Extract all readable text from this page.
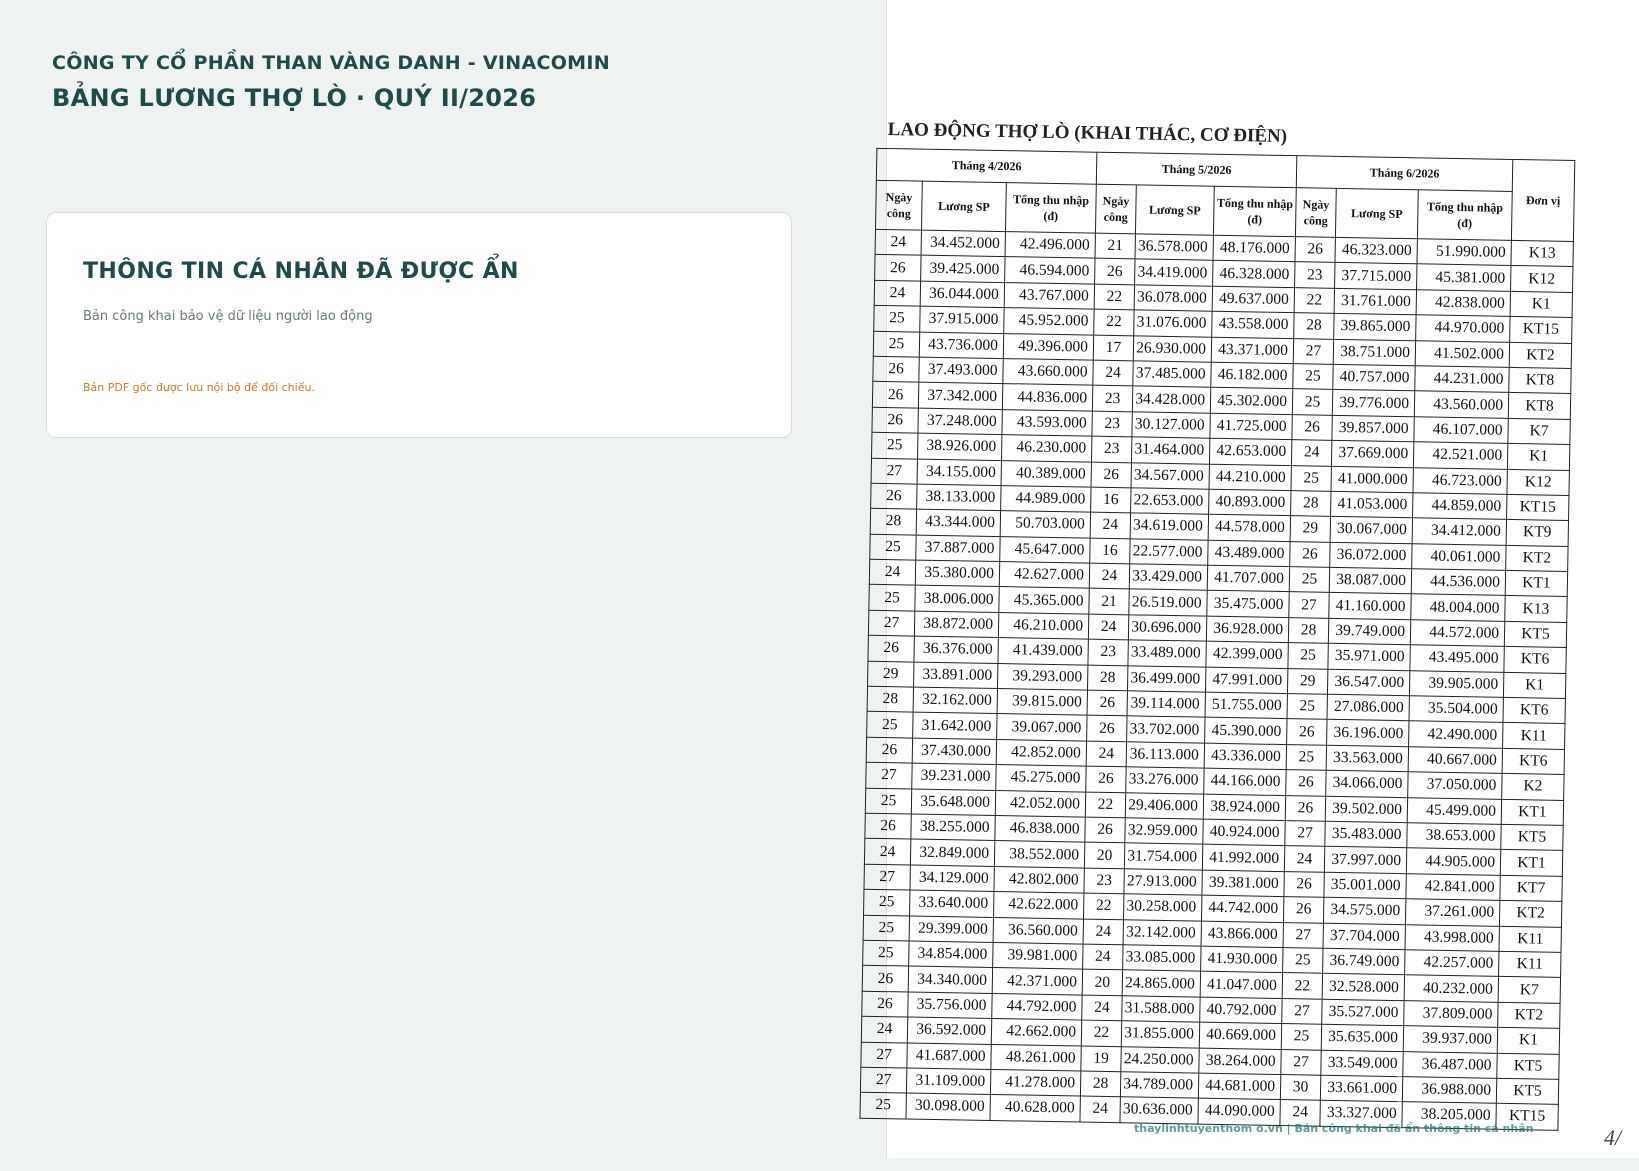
CÔNG TY CỔ PHẦN THAN VÀNG DANH - VINACOMIN
BẢNG LƯƠNG THỢ LÒ · QUÝ II/2026
THÔNG TIN CÁ NHÂN ĐÃ ĐƯỢC ẨN
Bản công khai bảo vệ dữ liệu người lao động
Bản PDF gốc được lưu nội bộ để đối chiếu.
LAO ĐỘNG THỢ LÒ (KHAI THÁC, CƠ ĐIỆN)
Tháng 4/2026			Tháng 5/2026			Tháng 6/2026			Đơn vị
Ngày công	Lương SP	Tổng thu nhập (đ)	Ngày công	Lương SP	Tổng thu nhập (đ)	Ngày công	Lương SP	Tổng thu nhập (đ)	
24	34.452.000	42.496.000	21	36.578.000	48.176.000	26	46.323.000	51.990.000	K13
26	39.425.000	46.594.000	26	34.419.000	46.328.000	23	37.715.000	45.381.000	K12
24	36.044.000	43.767.000	22	36.078.000	49.637.000	22	31.761.000	42.838.000	K1
25	37.915.000	45.952.000	22	31.076.000	43.558.000	28	39.865.000	44.970.000	KT15
25	43.736.000	49.396.000	17	26.930.000	43.371.000	27	38.751.000	41.502.000	KT2
26	37.493.000	43.660.000	24	37.485.000	46.182.000	25	40.757.000	44.231.000	KT8
26	37.342.000	44.836.000	23	34.428.000	45.302.000	25	39.776.000	43.560.000	KT8
26	37.248.000	43.593.000	23	30.127.000	41.725.000	26	39.857.000	46.107.000	K7
25	38.926.000	46.230.000	23	31.464.000	42.653.000	24	37.669.000	42.521.000	K1
27	34.155.000	40.389.000	26	34.567.000	44.210.000	25	41.000.000	46.723.000	K12
26	38.133.000	44.989.000	16	22.653.000	40.893.000	28	41.053.000	44.859.000	KT15
28	43.344.000	50.703.000	24	34.619.000	44.578.000	29	30.067.000	34.412.000	KT9
25	37.887.000	45.647.000	16	22.577.000	43.489.000	26	36.072.000	40.061.000	KT2
24	35.380.000	42.627.000	24	33.429.000	41.707.000	25	38.087.000	44.536.000	KT1
25	38.006.000	45.365.000	21	26.519.000	35.475.000	27	41.160.000	48.004.000	K13
27	38.872.000	46.210.000	24	30.696.000	36.928.000	28	39.749.000	44.572.000	KT5
26	36.376.000	41.439.000	23	33.489.000	42.399.000	25	35.971.000	43.495.000	KT6
29	33.891.000	39.293.000	28	36.499.000	47.991.000	29	36.547.000	39.905.000	K1
28	32.162.000	39.815.000	26	39.114.000	51.755.000	25	27.086.000	35.504.000	KT6
25	31.642.000	39.067.000	26	33.702.000	45.390.000	26	36.196.000	42.490.000	K11
26	37.430.000	42.852.000	24	36.113.000	43.336.000	25	33.563.000	40.667.000	KT6
27	39.231.000	45.275.000	26	33.276.000	44.166.000	26	34.066.000	37.050.000	K2
25	35.648.000	42.052.000	22	29.406.000	38.924.000	26	39.502.000	45.499.000	KT1
26	38.255.000	46.838.000	26	32.959.000	40.924.000	27	35.483.000	38.653.000	KT5
24	32.849.000	38.552.000	20	31.754.000	41.992.000	24	37.997.000	44.905.000	KT1
27	34.129.000	42.802.000	23	27.913.000	39.381.000	26	35.001.000	42.841.000	KT7
25	33.640.000	42.622.000	22	30.258.000	44.742.000	26	34.575.000	37.261.000	KT2
25	29.399.000	36.560.000	24	32.142.000	43.866.000	27	37.704.000	43.998.000	K11
25	34.854.000	39.981.000	24	33.085.000	41.930.000	25	36.749.000	42.257.000	K11
26	34.340.000	42.371.000	20	24.865.000	41.047.000	22	32.528.000	40.232.000	K7
26	35.756.000	44.792.000	24	31.588.000	40.792.000	27	35.527.000	37.809.000	KT2
24	36.592.000	42.662.000	22	31.855.000	40.669.000	25	35.635.000	39.937.000	K1
27	41.687.000	48.261.000	19	24.250.000	38.264.000	27	33.549.000	36.487.000	KT5
27	31.109.000	41.278.000	28	34.789.000	44.681.000	30	33.661.000	36.988.000	KT5
25	30.098.000	40.628.000	24	30.636.000	44.090.000	24	33.327.000	38.205.000	KT15
thaylinhtuyenthom o.vn | Bản công khai đã ẩn thông tin cá nhân	4/
